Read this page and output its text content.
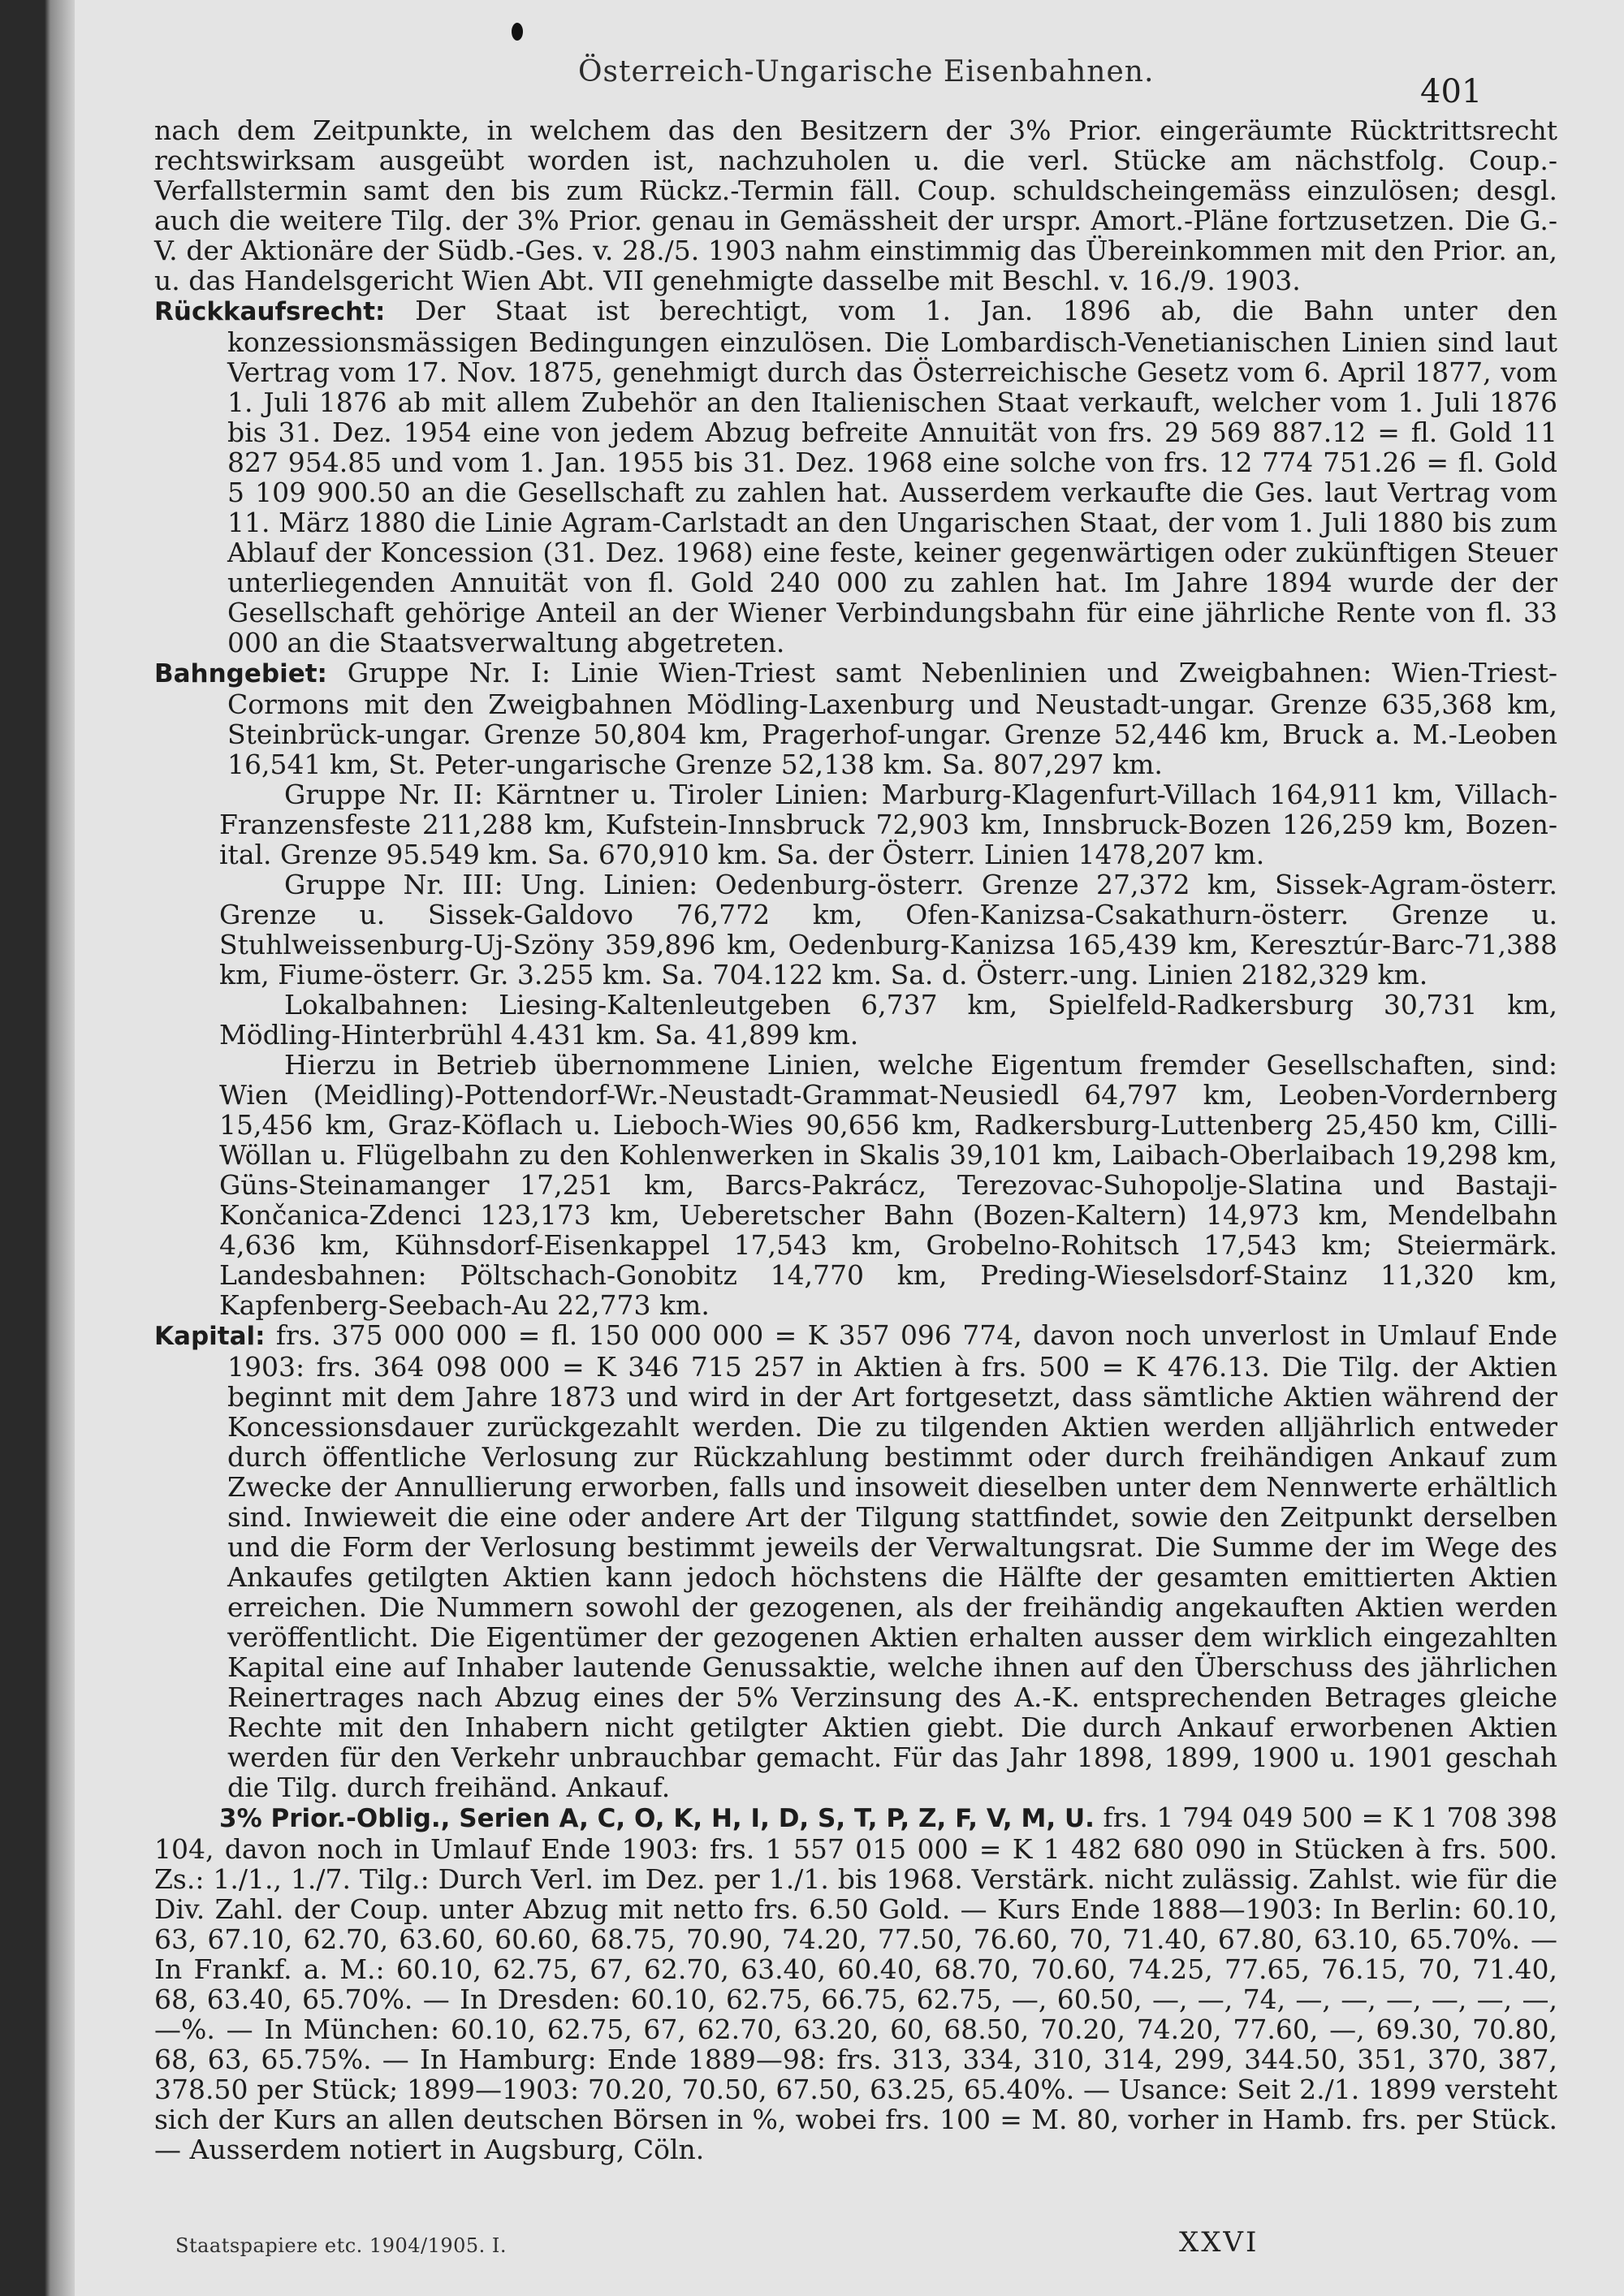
Österreich-Ungarische Eisenbahnen.
401

nach dem Zeitpunkte, in welchem das den Besitzern der 3% Prior. eingeräumte Rücktrittsrecht rechtswirksam ausgeübt worden ist, nachzuholen u. die verl. Stücke am nächstfolg. Coup.-Verfallstermin samt den bis zum Rückz.-Termin fäll. Coup. schuldscheingemäss einzulösen; desgl. auch die weitere Tilg. der 3% Prior. genau in Gemässheit der urspr. Amort.-Pläne fortzusetzen. Die G.-V. der Aktionäre der Südb.-Ges. v. 28./5. 1903 nahm einstimmig das Übereinkommen mit den Prior. an, u. das Handelsgericht Wien Abt. VII genehmigte dasselbe mit Beschl. v. 16./9. 1903.

Rückkaufsrecht: Der Staat ist berechtigt, vom 1. Jan. 1896 ab, die Bahn unter den konzessionsmässigen Bedingungen einzulösen. Die Lombardisch-Venetianischen Linien sind laut Vertrag vom 17. Nov. 1875, genehmigt durch das Österreichische Gesetz vom 6. April 1877, vom 1. Juli 1876 ab mit allem Zubehör an den Italienischen Staat verkauft, welcher vom 1. Juli 1876 bis 31. Dez. 1954 eine von jedem Abzug befreite Annuität von frs. 29 569 887.12 = fl. Gold 11 827 954.85 und vom 1. Jan. 1955 bis 31. Dez. 1968 eine solche von frs. 12 774 751.26 = fl. Gold 5 109 900.50 an die Gesellschaft zu zahlen hat. Ausserdem verkaufte die Ges. laut Vertrag vom 11. März 1880 die Linie Agram-Carlstadt an den Ungarischen Staat, der vom 1. Juli 1880 bis zum Ablauf der Koncession (31. Dez. 1968) eine feste, keiner gegenwärtigen oder zukünftigen Steuer unterliegenden Annuität von fl. Gold 240 000 zu zahlen hat. Im Jahre 1894 wurde der der Gesellschaft gehörige Anteil an der Wiener Verbindungsbahn für eine jährliche Rente von fl. 33 000 an die Staatsverwaltung abgetreten.

Bahngebiet: Gruppe Nr. I: Linie Wien-Triest samt Nebenlinien und Zweigbahnen: Wien-Triest-Cormons mit den Zweigbahnen Mödling-Laxenburg und Neustadt-ungar. Grenze 635,368 km, Steinbrück-ungar. Grenze 50,804 km, Pragerhof-ungar. Grenze 52,446 km, Bruck a. M.-Leoben 16,541 km, St. Peter-ungarische Grenze 52,138 km. Sa. 807,297 km.

Gruppe Nr. II: Kärntner u. Tiroler Linien: Marburg-Klagenfurt-Villach 164,911 km, Villach-Franzensfeste 211,288 km, Kufstein-Innsbruck 72,903 km, Innsbruck-Bozen 126,259 km, Bozen-ital. Grenze 95.549 km. Sa. 670,910 km. Sa. der Österr. Linien 1478,207 km.

Gruppe Nr. III: Ung. Linien: Oedenburg-österr. Grenze 27,372 km, Sissek-Agram-österr. Grenze u. Sissek-Galdovo 76,772 km, Ofen-Kanizsa-Csakathurn-österr. Grenze u. Stuhlweissenburg-Uj-Szöny 359,896 km, Oedenburg-Kanizsa 165,439 km, Keresztúr-Barc-71,388 km, Fiume-österr. Gr. 3.255 km. Sa. 704.122 km. Sa. d. Österr.-ung. Linien 2182,329 km.

Lokalbahnen: Liesing-Kaltenleutgeben 6,737 km, Spielfeld-Radkersburg 30,731 km, Mödling-Hinterbrühl 4.431 km. Sa. 41,899 km.

Hierzu in Betrieb übernommene Linien, welche Eigentum fremder Gesellschaften, sind: Wien (Meidling)-Pottendorf-Wr.-Neustadt-Grammat-Neusiedl 64,797 km, Leoben-Vordernberg 15,456 km, Graz-Köflach u. Lieboch-Wies 90,656 km, Radkersburg-Luttenberg 25,450 km, Cilli-Wöllan u. Flügelbahn zu den Kohlenwerken in Skalis 39,101 km, Laibach-Oberlaibach 19,298 km, Güns-Steinamanger 17,251 km, Barcs-Pakrácz, Terezovac-Suhopolje-Slatina und Bastaji-Končanica-Zdenci 123,173 km, Ueberetscher Bahn (Bozen-Kaltern) 14,973 km, Mendelbahn 4,636 km, Kühnsdorf-Eisenkappel 17,543 km, Grobelno-Rohitsch 17,543 km; Steiermärk. Landesbahnen: Pöltschach-Gonobitz 14,770 km, Preding-Wieselsdorf-Stainz 11,320 km, Kapfenberg-Seebach-Au 22,773 km.

Kapital: frs. 375 000 000 = fl. 150 000 000 = K 357 096 774, davon noch unverlost in Umlauf Ende 1903: frs. 364 098 000 = K 346 715 257 in Aktien à frs. 500 = K 476.13. Die Tilg. der Aktien beginnt mit dem Jahre 1873 und wird in der Art fortgesetzt, dass sämtliche Aktien während der Koncessionsdauer zurückgezahlt werden. Die zu tilgenden Aktien werden alljährlich entweder durch öffentliche Verlosung zur Rückzahlung bestimmt oder durch freihändigen Ankauf zum Zwecke der Annullierung erworben, falls und insoweit dieselben unter dem Nennwerte erhältlich sind. Inwieweit die eine oder andere Art der Tilgung stattfindet, sowie den Zeitpunkt derselben und die Form der Verlosung bestimmt jeweils der Verwaltungsrat. Die Summe der im Wege des Ankaufes getilgten Aktien kann jedoch höchstens die Hälfte der gesamten emittierten Aktien erreichen. Die Nummern sowohl der gezogenen, als der freihändig angekauften Aktien werden veröffentlicht. Die Eigentümer der gezogenen Aktien erhalten ausser dem wirklich eingezahlten Kapital eine auf Inhaber lautende Genussaktie, welche ihnen auf den Überschuss des jährlichen Reinertrages nach Abzug eines der 5% Verzinsung des A.-K. entsprechenden Betrages gleiche Rechte mit den Inhabern nicht getilgter Aktien giebt. Die durch Ankauf erworbenen Aktien werden für den Verkehr unbrauchbar gemacht. Für das Jahr 1898, 1899, 1900 u. 1901 geschah die Tilg. durch freihänd. Ankauf.

3% Prior.-Oblig., Serien A, C, O, K, H, I, D, S, T, P, Z, F, V, M, U. frs. 1 794 049 500 = K 1 708 398 104, davon noch in Umlauf Ende 1903: frs. 1 557 015 000 = K 1 482 680 090 in Stücken à frs. 500. Zs.: 1./1., 1./7. Tilg.: Durch Verl. im Dez. per 1./1. bis 1968. Verstärk. nicht zulässig. Zahlst. wie für die Div. Zahl. der Coup. unter Abzug mit netto frs. 6.50 Gold. — Kurs Ende 1888—1903: In Berlin: 60.10, 63, 67.10, 62.70, 63.60, 60.60, 68.75, 70.90, 74.20, 77.50, 76.60, 70, 71.40, 67.80, 63.10, 65.70%. — In Frankf. a. M.: 60.10, 62.75, 67, 62.70, 63.40, 60.40, 68.70, 70.60, 74.25, 77.65, 76.15, 70, 71.40, 68, 63.40, 65.70%. — In Dresden: 60.10, 62.75, 66.75, 62.75, —, 60.50, —, —, 74, —, —, —, —, —, —, —%. — In München: 60.10, 62.75, 67, 62.70, 63.20, 60, 68.50, 70.20, 74.20, 77.60, —, 69.30, 70.80, 68, 63, 65.75%. — In Hamburg: Ende 1889—98: frs. 313, 334, 310, 314, 299, 344.50, 351, 370, 387, 378.50 per Stück; 1899—1903: 70.20, 70.50, 67.50, 63.25, 65.40%. — Usance: Seit 2./1. 1899 versteht sich der Kurs an allen deutschen Börsen in %, wobei frs. 100 = M. 80, vorher in Hamb. frs. per Stück. — Ausserdem notiert in Augsburg, Cöln.

Staatspapiere etc. 1904/1905. I.	XXVI
